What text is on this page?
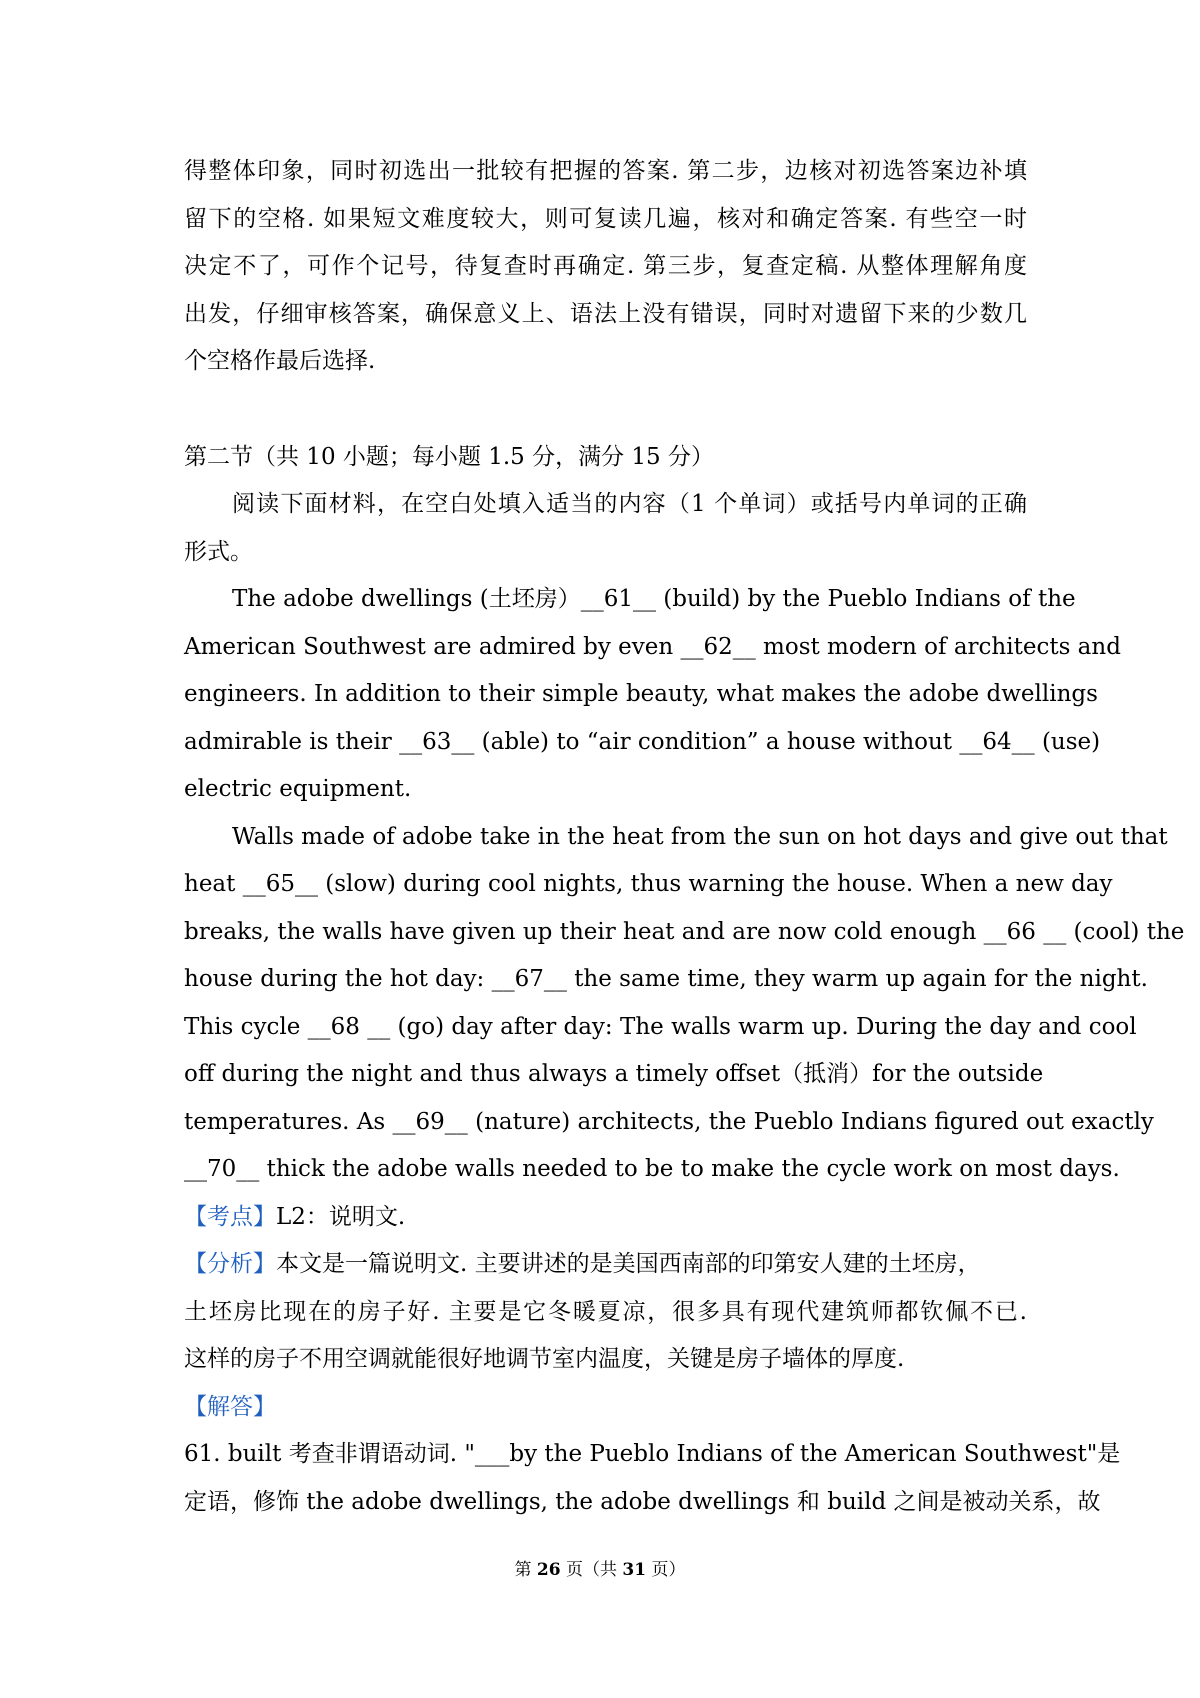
得整体印象，同时初选出一批较有把握的答案. 第二步，边核对初选答案边补填
留下的空格. 如果短文难度较大，则可复读几遍，核对和确定答案. 有些空一时
决定不了，可作个记号，待复查时再确定. 第三步，复查定稿. 从整体理解角度
出发，仔细审核答案，确保意义上、语法上没有错误，同时对遗留下来的少数几
个空格作最后选择.
第二节（共 10 小题；每小题 1.5 分，满分 15 分）
阅读下面材料，在空白处填入适当的内容（1 个单词）或括号内单词的正确
形式。
The adobe dwellings (土坯房）__61__ (build) by the Pueblo Indians of the
American Southwest are admired by even __62__ most modern of architects and
engineers. In addition to their simple beauty, what makes the adobe dwellings
admirable is their __63__ (able) to “air condition” a house without __64__ (use)
electric equipment.
Walls made of adobe take in the heat from the sun on hot days and give out that
heat __65__ (slow) during cool nights, thus warning the house. When a new day
breaks, the walls have given up their heat and are now cold enough __66 __ (cool) the
house during the hot day: __67__ the same time, they warm up again for the night.
This cycle __68 __ (go) day after day: The walls warm up. During the day and cool
off during the night and thus always a timely offset（抵消）for the outside
temperatures. As __69__ (nature) architects, the Pueblo Indians figured out exactly
__70__ thick the adobe walls needed to be to make the cycle work on most days.
【考点】L2：说明文.
【分析】本文是一篇说明文. 主要讲述的是美国西南部的印第安人建的土坯房，
土坯房比现在的房子好. 主要是它冬暖夏凉，很多具有现代建筑师都钦佩不已.
这样的房子不用空调就能很好地调节室内温度，关键是房子墙体的厚度.
【解答】
61. built 考查非谓语动词. "___by the Pueblo Indians of the American Southwest"是
定语，修饰 the adobe dwellings, the adobe dwellings 和 build 之间是被动关系，故
第 26 页（共 31 页）
